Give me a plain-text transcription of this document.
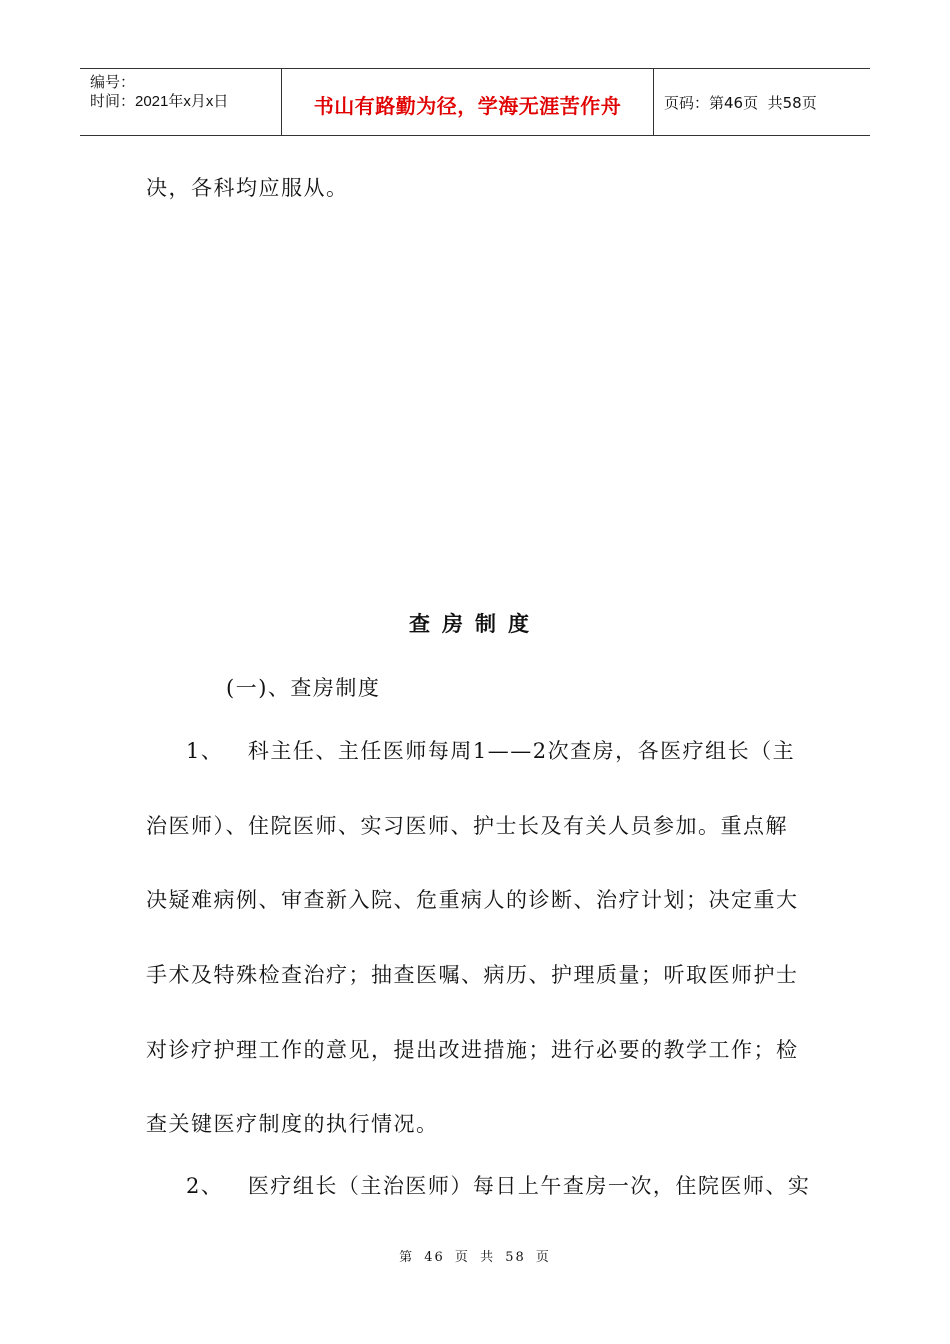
编号：
时间：2021年x月x日	书山有路勤为径，学海无涯苦作舟	页码：第46页  共58页
决，各科均应服从。
查房制度
(一)、查房制度
1、   科主任、主任医师每周1——2次查房，各医疗组长（主
治医师）、住院医师、实习医师、护士长及有关人员参加。重点解
决疑难病例、审查新入院、危重病人的诊断、治疗计划；决定重大
手术及特殊检查治疗；抽查医嘱、病历、护理质量；听取医师护士
对诊疗护理工作的意见，提出改进措施；进行必要的教学工作；检
查关键医疗制度的执行情况。
2、   医疗组长（主治医师）每日上午查房一次，住院医师、实
第 46 页 共 58 页
